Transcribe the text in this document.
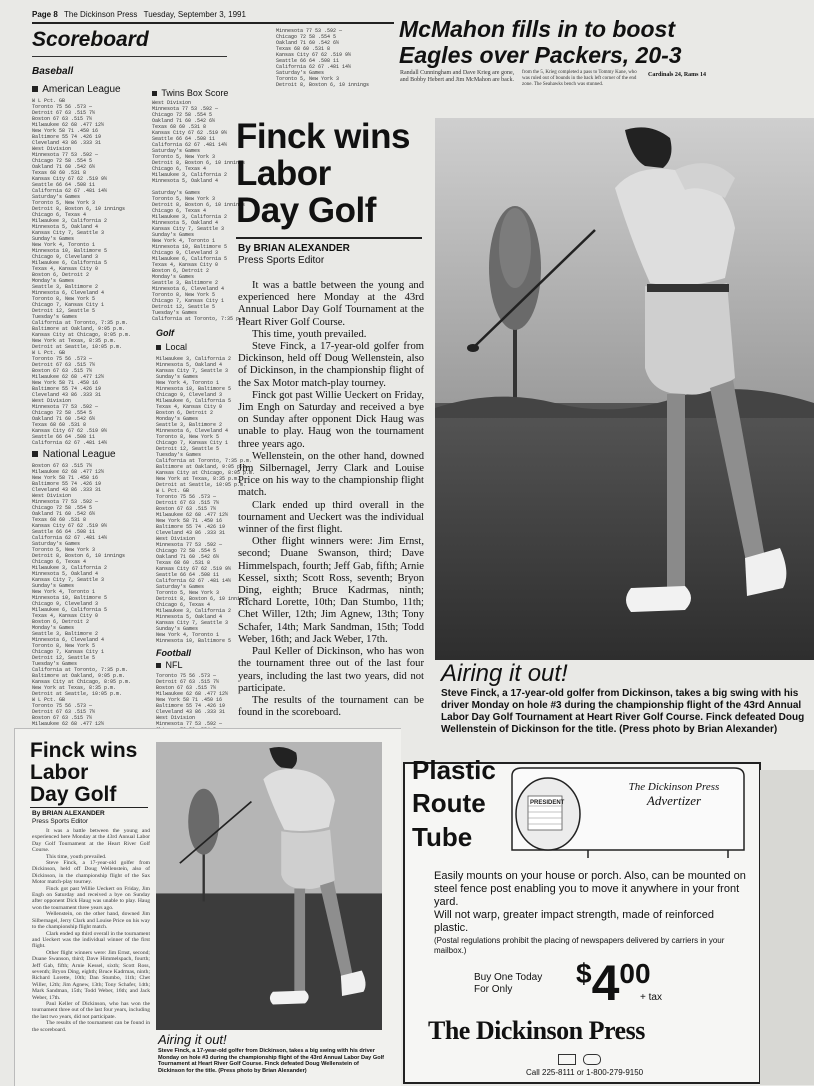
Page 8 The Dickinson Press Tuesday, September 3, 1991
Scoreboard
Baseball
American League
W L Pct. GB
Toronto 75 56 .573 —
Detroit 67 63 .515 7½
Boston 67 63 .515 7½
Milwaukee 62 68 .477 12½
New York 58 71 .450 16
Baltimore 55 74 .426 19
Cleveland 43 86 .333 31
West Division
Minnesota 77 53 .592 —
Chicago 72 58 .554 5
Oakland 71 60 .542 6½
Texas 68 60 .531 8
Kansas City 67 62 .519 9½
Seattle 66 64 .508 11
California 62 67 .481 14½
Saturday's Games
Toronto 5, New York 3
Detroit 8, Boston 6, 10 innings
Chicago 6, Texas 4
Milwaukee 3, California 2
Minnesota 5, Oakland 4
Kansas City 7, Seattle 3
Sunday's Games
New York 4, Toronto 1
Minnesota 10, Baltimore 5
Chicago 9, Cleveland 3
Milwaukee 6, California 5
Texas 4, Kansas City 0
Boston 6, Detroit 2
Monday's Games
Seattle 3, Baltimore 2
Minnesota 6, Cleveland 4
Toronto 8, New York 5
Chicago 7, Kansas City 1
Detroit 12, Seattle 5
Tuesday's Games
California at Toronto, 7:35 p.m.
Baltimore at Oakland, 9:05 p.m.
Kansas City at Chicago, 8:05 p.m.
New York at Texas, 8:35 p.m.
Detroit at Seattle, 10:05 p.m.
W L Pct. GB
Toronto 75 56 .573 —
Detroit 67 63 .515 7½
Boston 67 63 .515 7½
Milwaukee 62 68 .477 12½
New York 58 71 .450 16
Baltimore 55 74 .426 19
Cleveland 43 86 .333 31
West Division
Minnesota 77 53 .592 —
Chicago 72 58 .554 5
Oakland 71 60 .542 6½
Texas 68 60 .531 8
Kansas City 67 62 .519 9½
Seattle 66 64 .508 11
California 62 67 .481 14½
National League
Boston 67 63 .515 7½
Milwaukee 62 68 .477 12½
New York 58 71 .450 16
Baltimore 55 74 .426 19
Cleveland 43 86 .333 31
West Division
Minnesota 77 53 .592 —
Chicago 72 58 .554 5
Oakland 71 60 .542 6½
Texas 68 60 .531 8
Kansas City 67 62 .519 9½
Seattle 66 64 .508 11
California 62 67 .481 14½
Saturday's Games
Toronto 5, New York 3
Detroit 8, Boston 6, 10 innings
Chicago 6, Texas 4
Milwaukee 3, California 2
Minnesota 5, Oakland 4
Kansas City 7, Seattle 3
Sunday's Games
New York 4, Toronto 1
Minnesota 10, Baltimore 5
Chicago 9, Cleveland 3
Milwaukee 6, California 5
Texas 4, Kansas City 0
Boston 6, Detroit 2
Monday's Games
Seattle 3, Baltimore 2
Minnesota 6, Cleveland 4
Toronto 8, New York 5
Chicago 7, Kansas City 1
Detroit 12, Seattle 5
Tuesday's Games
California at Toronto, 7:35 p.m.
Baltimore at Oakland, 9:05 p.m.
Kansas City at Chicago, 8:05 p.m.
New York at Texas, 8:35 p.m.
Detroit at Seattle, 10:05 p.m.
W L Pct. GB
Toronto 75 56 .573 —
Detroit 67 63 .515 7½
Boston 67 63 .515 7½
Milwaukee 62 68 .477 12½
Twins Box Score
West Division
Minnesota 77 53 .592 —
Chicago 72 58 .554 5
Oakland 71 60 .542 6½
Texas 68 60 .531 8
Kansas City 67 62 .519 9½
Seattle 66 64 .508 11
California 62 67 .481 14½
Saturday's Games
Toronto 5, New York 3
Detroit 8, Boston 6, 10 innings
Chicago 6, Texas 4
Milwaukee 3, California 2
Minnesota 5, Oakland 4
Saturday's Games
Toronto 5, New York 3
Detroit 8, Boston 6, 10 innings
Chicago 6, Texas 4
Milwaukee 3, California 2
Minnesota 5, Oakland 4
Kansas City 7, Seattle 3
Sunday's Games
New York 4, Toronto 1
Minnesota 10, Baltimore 5
Chicago 9, Cleveland 3
Milwaukee 6, California 5
Texas 4, Kansas City 0
Boston 6, Detroit 2
Monday's Games
Seattle 3, Baltimore 2
Minnesota 6, Cleveland 4
Toronto 8, New York 5
Chicago 7, Kansas City 1
Detroit 12, Seattle 5
Tuesday's Games
California at Toronto, 7:35 p.m.
Golf
Local
Milwaukee 3, California 2
Minnesota 5, Oakland 4
Kansas City 7, Seattle 3
Sunday's Games
New York 4, Toronto 1
Minnesota 10, Baltimore 5
Chicago 9, Cleveland 3
Milwaukee 6, California 5
Texas 4, Kansas City 0
Boston 6, Detroit 2
Monday's Games
Seattle 3, Baltimore 2
Minnesota 6, Cleveland 4
Toronto 8, New York 5
Chicago 7, Kansas City 1
Detroit 12, Seattle 5
Tuesday's Games
California at Toronto, 7:35 p.m.
Baltimore at Oakland, 9:05 p.m.
Kansas City at Chicago, 8:05 p.m.
New York at Texas, 8:35 p.m.
Detroit at Seattle, 10:05 p.m.
W L Pct. GB
Toronto 75 56 .573 —
Detroit 67 63 .515 7½
Boston 67 63 .515 7½
Milwaukee 62 68 .477 12½
New York 58 71 .450 16
Baltimore 55 74 .426 19
Cleveland 43 86 .333 31
West Division
Minnesota 77 53 .592 —
Chicago 72 58 .554 5
Oakland 71 60 .542 6½
Texas 68 60 .531 8
Kansas City 67 62 .519 9½
Seattle 66 64 .508 11
California 62 67 .481 14½
Saturday's Games
Toronto 5, New York 3
Detroit 8, Boston 6, 10 innings
Chicago 6, Texas 4
Milwaukee 3, California 2
Minnesota 5, Oakland 4
Kansas City 7, Seattle 3
Sunday's Games
New York 4, Toronto 1
Minnesota 10, Baltimore 5
Football
NFL
Toronto 75 56 .573 —
Detroit 67 63 .515 7½
Boston 67 63 .515 7½
Milwaukee 62 68 .477 12½
New York 58 71 .450 16
Baltimore 55 74 .426 19
Cleveland 43 86 .333 31
West Division
Minnesota 77 53 .592 —
Minnesota 77 53 .592 —
Chicago 72 58 .554 5
Oakland 71 60 .542 6½
Texas 68 60 .531 8
Kansas City 67 62 .519 9½
Seattle 66 64 .508 11
California 62 67 .481 14½
Saturday's Games
Toronto 5, New York 3
Detroit 8, Boston 6, 10 innings
McMahon fills in to boost
Eagles over Packers, 20-3
Randall Cunningham and Dave Krieg are gone, and Bobby Hebert and Jim McMahon are back.
from the 5, Krieg completed a pass to Tommy Kane, who was ruled out of bounds in the back left corner of the end zone. The Seahawks bench was stunned.
Cardinals 24, Rams 14
Finck wins
Labor
Day Golf
By BRIAN ALEXANDER
Press Sports Editor

It was a battle between the young and experienced here Monday at the 43rd Annual Labor Day Golf Tournament at the Heart River Golf Course.

This time, youth prevailed.

Steve Finck, a 17-year-old golfer from Dickinson, held off Doug Wellenstein, also of Dickinson, in the championship flight of the Sax Motor match-play tourney.

Finck got past Willie Ueckert on Friday, Jim Engh on Saturday and received a bye on Sunday after opponent Dick Haug was unable to play. Haug won the tournament three years ago.

Wellenstein, on the other hand, downed Jim Silbernagel, Jerry Clark and Louise Price on his way to the championship flight match.

Clark ended up third overall in the tournament and Ueckert was the individual winner of the first flight.

Other flight winners were: Jim Ernst, second; Duane Swanson, third; Dave Himmelspach, fourth; Jeff Gab, fifth; Arnie Kessel, sixth; Scott Ross, seventh; Bryon Ding, eighth; Bruce Kadrmas, ninth; Richard Lorette, 10th; Dan Stumbo, 11th; Chet Willer, 12th; Jim Agnew, 13th; Tony Schafer, 14th; Mark Sandman, 15th; Todd Weber, 16th; and Jack Weber, 17th.

Paul Keller of Dickinson, who has won the tournament three out of the last four years, including the last two years, did not participate.

The results of the tournament can be found in the scoreboard.

Airing it out!
Steve Finck, a 17-year-old golfer from Dickinson, takes a big swing with his driver Monday on hole #3 during the championship flight of the 43rd Annual Labor Day Golf Tournament at Heart River Golf Course. Finck defeated Doug Wellenstein of Dickinson for the title. (Press photo by Brian Alexander)
Finck wins
Labor
Day Golf
By BRIAN ALEXANDER
Press Sports Editor

It was a battle between the young and experienced here Monday at the 43rd Annual Labor Day Golf Tournament at the Heart River Golf Course.

This time, youth prevailed.

Steve Finck, a 17-year-old golfer from Dickinson, held off Doug Wellenstein, also of Dickinson, in the championship flight of the Sax Motor match-play tourney.

Finck got past Willie Ueckert on Friday, Jim Engh on Saturday and received a bye on Sunday after opponent Dick Haug was unable to play. Haug won the tournament three years ago.

Wellenstein, on the other hand, downed Jim Silbernagel, Jerry Clark and Louise Price on his way to the championship flight match.

Clark ended up third overall in the tournament and Ueckert was the individual winner of the first flight.

Other flight winners were: Jim Ernst, second; Duane Swanson, third; Dave Himmelspach, fourth; Jeff Gab, fifth; Arnie Kessel, sixth; Scott Ross, seventh; Bryon Ding, eighth; Bruce Kadrmas, ninth; Richard Lorette, 10th; Dan Stumbo, 11th; Chet Willer, 12th; Jim Agnew, 13th; Tony Schafer, 14th; Mark Sandman, 15th; Todd Weber, 16th; and Jack Weber, 17th.

Paul Keller of Dickinson, who has won the tournament three out of the last four years, including the last two years, did not participate.

The results of the tournament can be found in the scoreboard.

Airing it out!
Steve Finck, a 17-year-old golfer from Dickinson, takes a big swing with his driver Monday on hole #3 during the championship flight of the 43rd Annual Labor Day Golf Tournament at Heart River Golf Course. Finck defeated Doug Wellenstein of Dickinson for the title. (Press photo by Brian Alexander)
Plastic
Route
Tube
PRESIDENT
The Dickinson Press
Advertizer
Easily mounts on your house or porch. Also, can be mounted on steel fence post enabling you to move it anywhere in your front yard.
Will not warp, greater impact strength, made of reinforced plastic.
(Postal regulations prohibit the placing of newspapers delivered by carriers in your mailbox.)
Buy One Today
For Only
$400
+ tax
The Dickinson Press

Call 225-8111 or 1-800-279-9150
